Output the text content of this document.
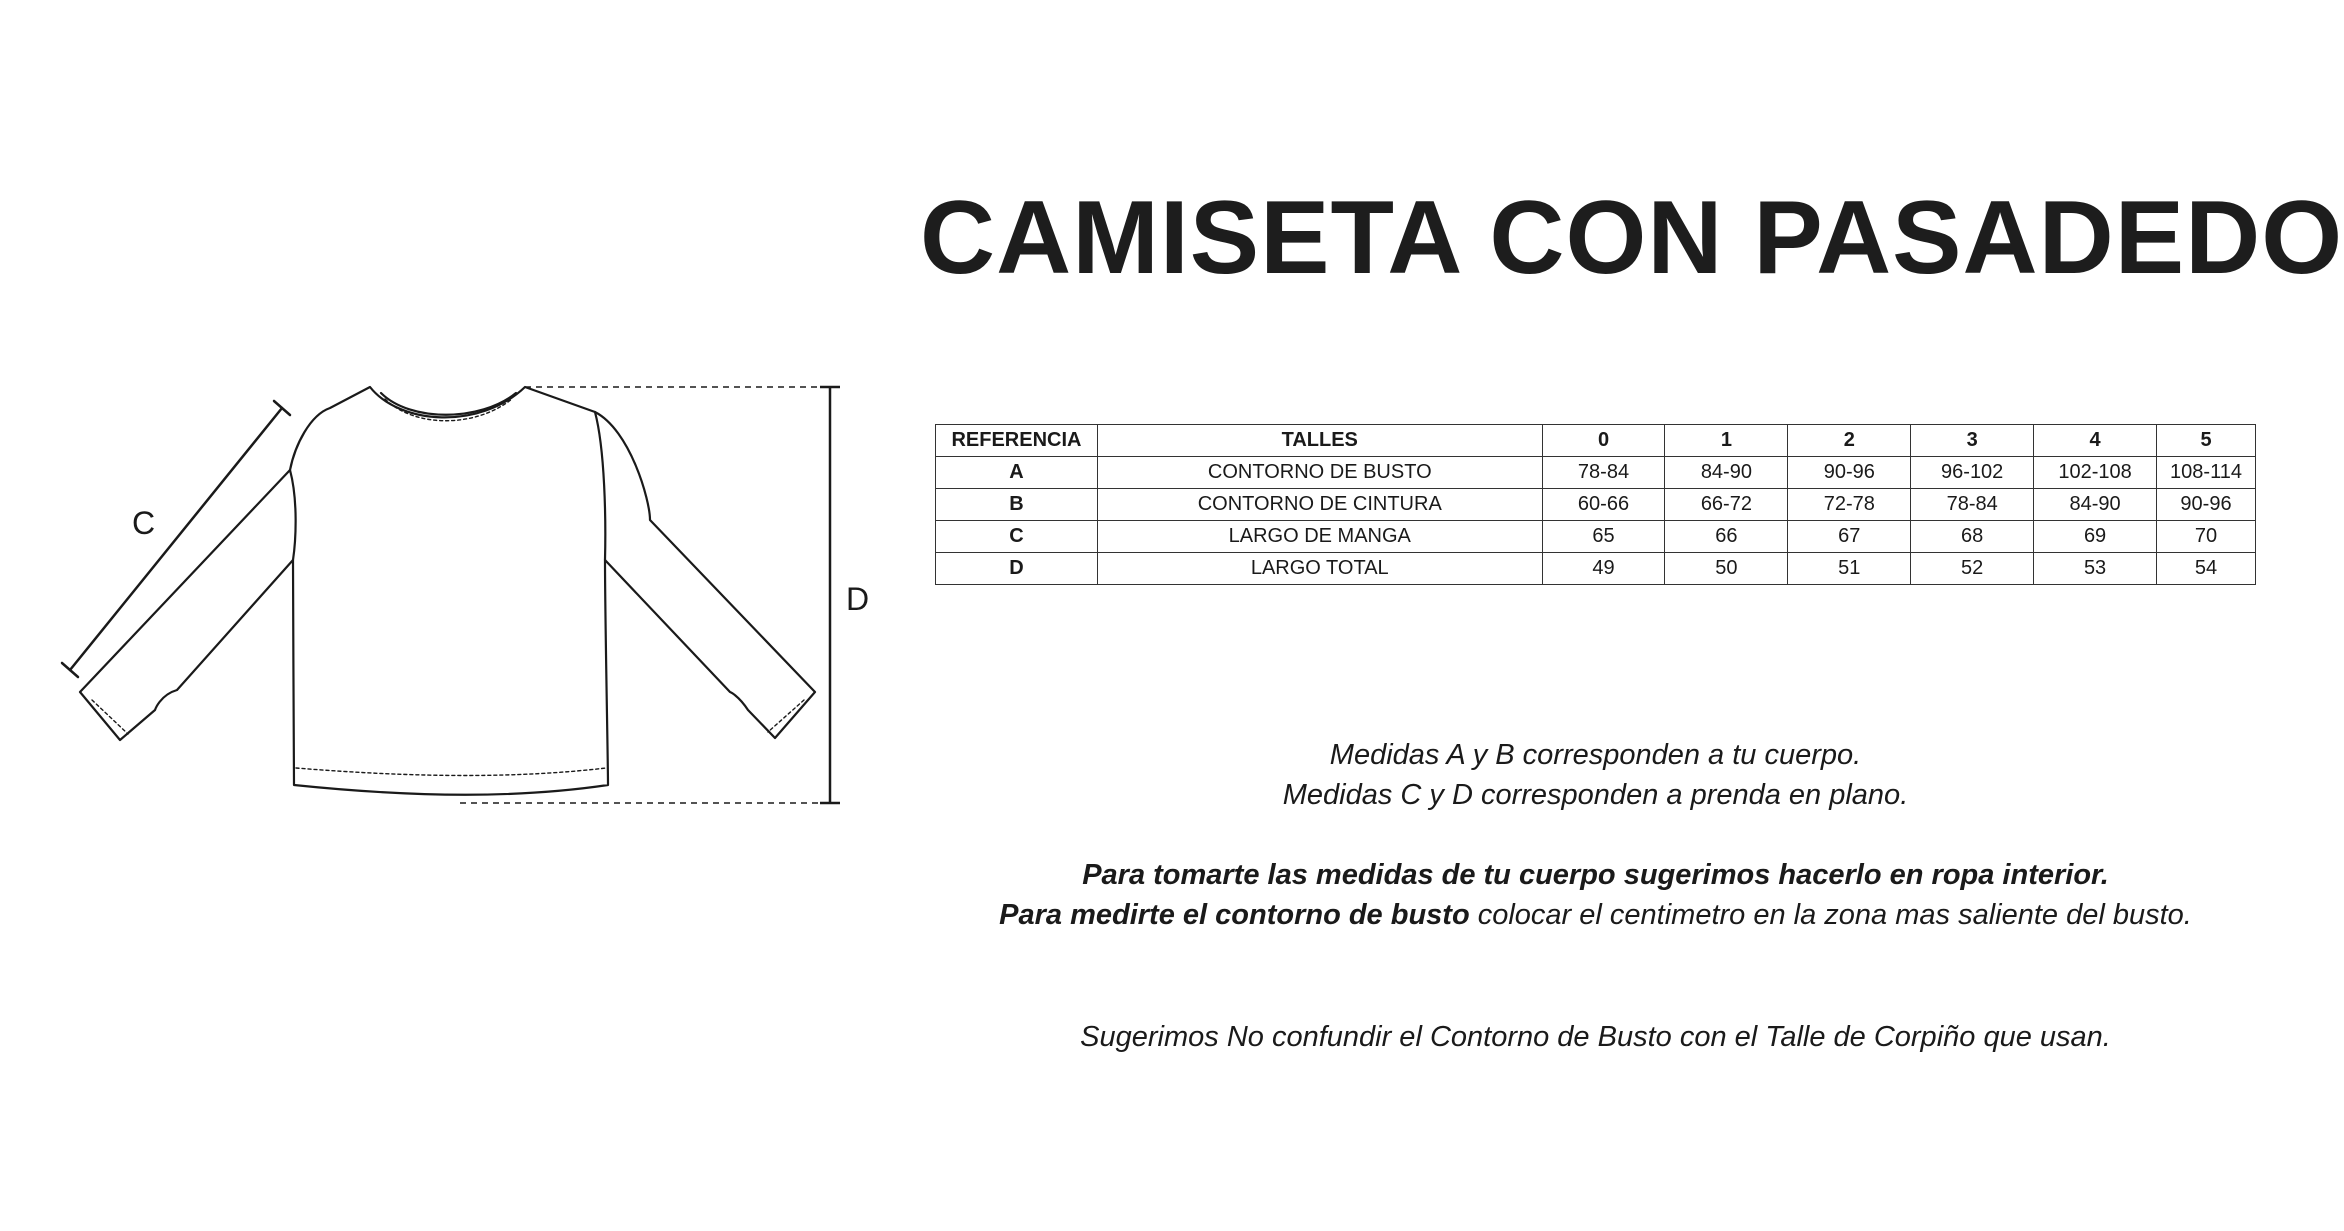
CAMISETA CON PASADEDO
C
D
REFERENCIA	TALLES	0	1	2	3	4	5
A	CONTORNO DE BUSTO	78-84	84-90	90-96	96-102	102-108	108-114
B	CONTORNO DE CINTURA	60-66	66-72	72-78	78-84	84-90	90-96
C	LARGO DE MANGA	65	66	67	68	69	70
D	LARGO TOTAL	49	50	51	52	53	54

Medidas A y B corresponden a tu cuerpo.

Medidas C y D corresponden a prenda en plano.

Para tomarte las medidas de tu cuerpo sugerimos hacerlo en ropa interior.

Para medirte el contorno de busto colocar el centimetro en la zona mas saliente del busto.

Sugerimos No confundir el Contorno de Busto con el Talle de Corpiño que usan.
